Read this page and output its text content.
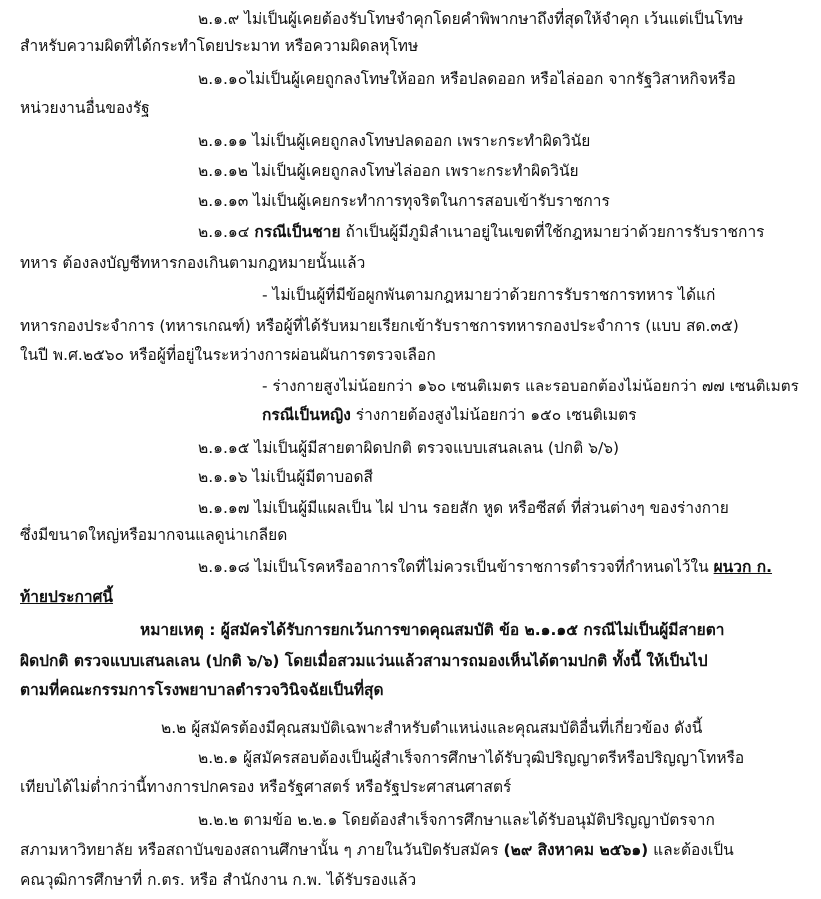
๒.๑.๙ ไม่เป็นผู้เคยต้องรับโทษจำคุกโดยคำพิพากษาถึงที่สุดให้จำคุก เว้นแต่เป็นโทษ
สำหรับความผิดที่ได้กระทำโดยประมาท หรือความผิดลหุโทษ
๒.๑.๑๐ไม่เป็นผู้เคยถูกลงโทษให้ออก หรือปลดออก หรือไล่ออก จากรัฐวิสาหกิจหรือ
หน่วยงานอื่นของรัฐ
๒.๑.๑๑ ไม่เป็นผู้เคยถูกลงโทษปลดออก เพราะกระทำผิดวินัย
๒.๑.๑๒ ไม่เป็นผู้เคยถูกลงโทษไล่ออก เพราะกระทำผิดวินัย
๒.๑.๑๓ ไม่เป็นผู้เคยกระทำการทุจริตในการสอบเข้ารับราชการ
๒.๑.๑๔ กรณีเป็นชาย ถ้าเป็นผู้มีภูมิลำเนาอยู่ในเขตที่ใช้กฎหมายว่าด้วยการรับราชการ
ทหาร ต้องลงบัญชีทหารกองเกินตามกฎหมายนั้นแล้ว
- ไม่เป็นผู้ที่มีข้อผูกพันตามกฎหมายว่าด้วยการรับราชการทหาร ได้แก่
ทหารกองประจำการ (ทหารเกณฑ์) หรือผู้ที่ได้รับหมายเรียกเข้ารับราชการทหารกองประจำการ (แบบ สด.๓๕)
ในปี พ.ศ.๒๕๖๐ หรือผู้ที่อยู่ในระหว่างการผ่อนผันการตรวจเลือก
- ร่างกายสูงไม่น้อยกว่า ๑๖๐ เซนติเมตร และรอบอกต้องไม่น้อยกว่า ๗๗ เซนติเมตร
กรณีเป็นหญิง ร่างกายต้องสูงไม่น้อยกว่า ๑๕๐ เซนติเมตร
๒.๑.๑๕ ไม่เป็นผู้มีสายตาผิดปกติ ตรวจแบบเสนลเลน (ปกติ ๖/๖)
๒.๑.๑๖ ไม่เป็นผู้มีตาบอดสี
๒.๑.๑๗ ไม่เป็นผู้มีแผลเป็น ไฝ ปาน รอยสัก หูด หรือซีสต์ ที่ส่วนต่างๆ ของร่างกาย
ซึ่งมีขนาดใหญ่หรือมากจนแลดูน่าเกลียด
๒.๑.๑๘ ไม่เป็นโรคหรืออาการใดที่ไม่ควรเป็นข้าราชการตำรวจที่กำหนดไว้ใน ผนวก ก.
ท้ายประกาศนี้
หมายเหตุ : ผู้สมัครได้รับการยกเว้นการขาดคุณสมบัติ ข้อ ๒.๑.๑๕ กรณีไม่เป็นผู้มีสายตา
ผิดปกติ ตรวจแบบเสนลเลน (ปกติ ๖/๖) โดยเมื่อสวมแว่นแล้วสามารถมองเห็นได้ตามปกติ ทั้งนี้ ให้เป็นไป
ตามที่คณะกรรมการโรงพยาบาลตำรวจวินิจฉัยเป็นที่สุด
๒.๒ ผู้สมัครต้องมีคุณสมบัติเฉพาะสำหรับตำแหน่งและคุณสมบัติอื่นที่เกี่ยวข้อง ดังนี้
๒.๒.๑ ผู้สมัครสอบต้องเป็นผู้สำเร็จการศึกษาได้รับวุฒิปริญญาตรีหรือปริญญาโทหรือ
เทียบได้ไม่ต่ำกว่านี้ทางการปกครอง หรือรัฐศาสตร์ หรือรัฐประศาสนศาสตร์
๒.๒.๒ ตามข้อ ๒.๒.๑ โดยต้องสำเร็จการศึกษาและได้รับอนุมัติปริญญาบัตรจาก
สภามหาวิทยาลัย หรือสถาบันของสถานศึกษานั้น ๆ ภายในวันปิดรับสมัคร (๒๙ สิงหาคม ๒๕๖๑) และต้องเป็น
คณวุฒิการศึกษาที่ ก.ตร. หรือ สำนักงาน ก.พ. ได้รับรองแล้ว
